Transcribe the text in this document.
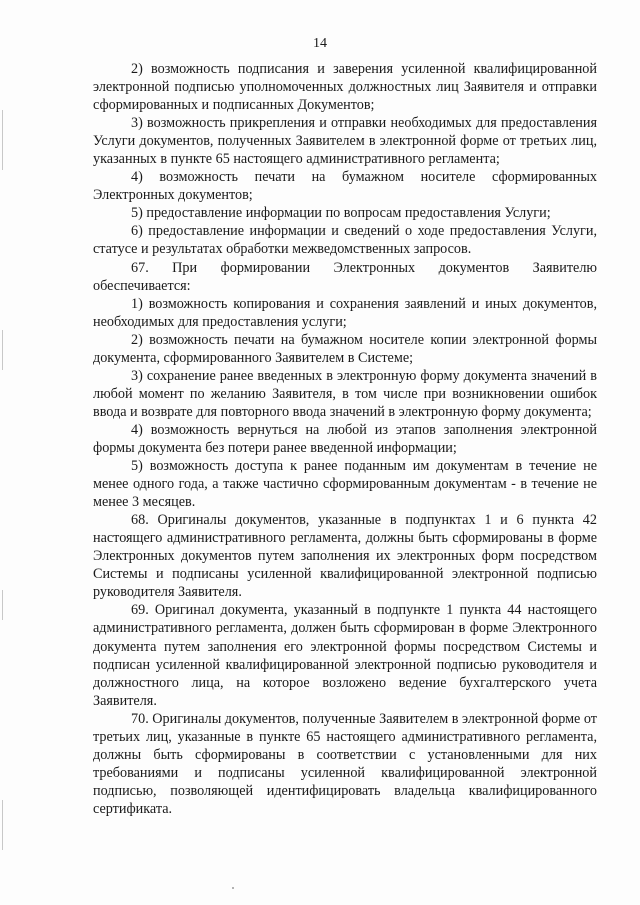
14

2) возможность подписания и заверения усиленной квалифицированной электронной подписью уполномоченных должностных лиц Заявителя и отправки сформированных и подписанных Документов;

3) возможность прикрепления и отправки необходимых для предоставления Услуги документов, полученных Заявителем в электронной форме от третьих лиц, указанных в пункте 65 настоящего административного регламента;

4) возможность печати на бумажном носителе сформированных Электронных документов;

5) предоставление информации по вопросам предоставления Услуги;

6) предоставление информации и сведений о ходе предоставления Услуги, статусе и результатах обработки межведомственных запросов.

67. При формировании Электронных документов Заявителю обеспечивается:

1) возможность копирования и сохранения заявлений и иных документов, необходимых для предоставления услуги;

2) возможность печати на бумажном носителе копии электронной формы документа, сформированного Заявителем в Системе;

3) сохранение ранее введенных в электронную форму документа значений в любой момент по желанию Заявителя, в том числе при возникновении ошибок ввода и возврате для повторного ввода значений в электронную форму документа;

4) возможность вернуться на любой из этапов заполнения электронной формы документа без потери ранее введенной информации;

5) возможность доступа к ранее поданным им документам в течение не менее одного года, а также частично сформированным документам - в течение не менее 3 месяцев.

68. Оригиналы документов, указанные в подпунктах 1 и 6 пункта 42 настоящего административного регламента, должны быть сформированы в форме Электронных документов путем заполнения их электронных форм посредством Системы и подписаны усиленной квалифицированной электронной подписью руководителя Заявителя.

69. Оригинал документа, указанный в подпункте 1 пункта 44 настоящего административного регламента, должен быть сформирован в форме Электронного документа путем заполнения его электронной формы посредством Системы и подписан усиленной квалифицированной электронной подписью руководителя и должностного лица, на которое возложено ведение бухгалтерского учета Заявителя.

70. Оригиналы документов, полученные Заявителем в электронной форме от третьих лиц, указанные в пункте 65 настоящего административного регламента, должны быть сформированы в соответствии с установленными для них требованиями и подписаны усиленной квалифицированной электронной подписью, позволяющей идентифицировать владельца квалифицированного сертификата.
